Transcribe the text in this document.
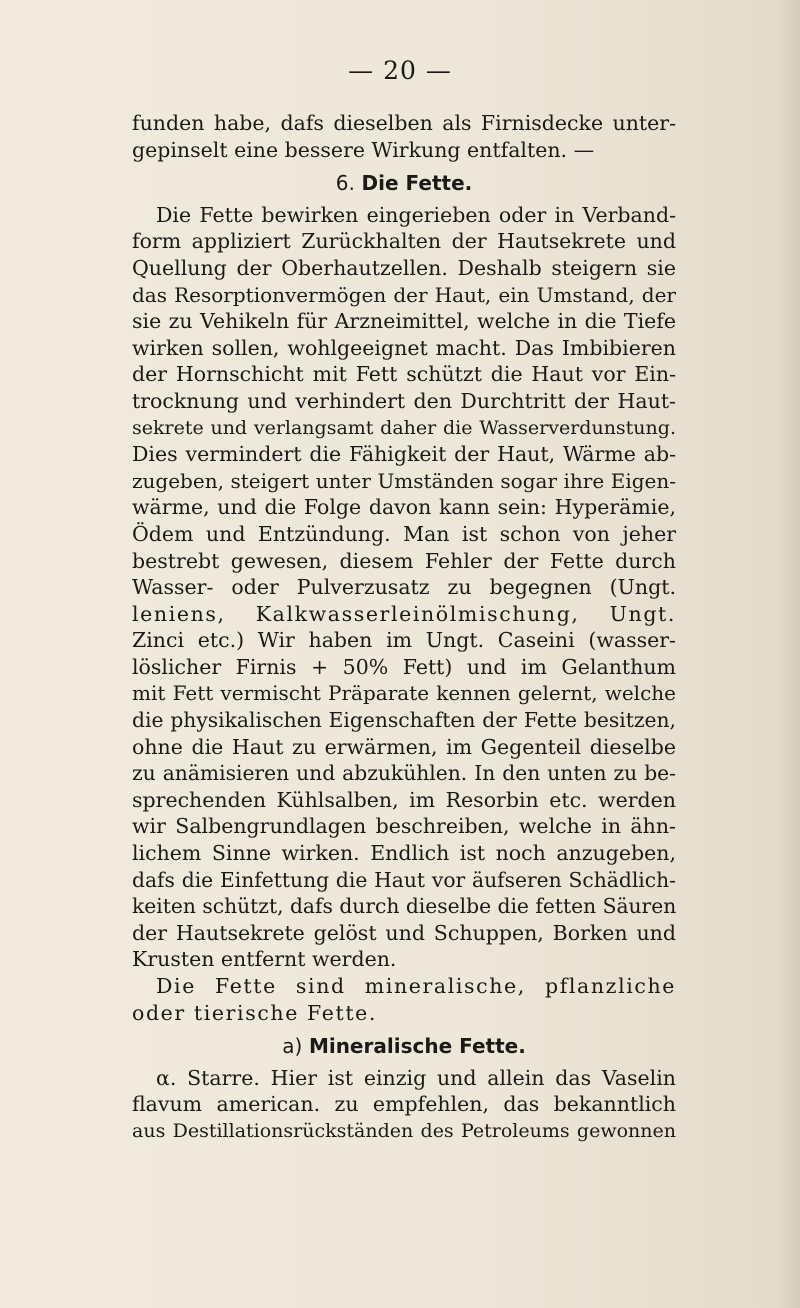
— 20 —
funden habe, dafs dieselben als Firnisdecke unter-
gepinselt eine bessere Wirkung entfalten. —
6. Die Fette.
Die Fette bewirken eingerieben oder in Verband-
form appliziert Zurückhalten der Hautsekrete und
Quellung der Oberhautzellen. Deshalb steigern sie
das Resorptionvermögen der Haut, ein Umstand, der
sie zu Vehikeln für Arzneimittel, welche in die Tiefe
wirken sollen, wohlgeeignet macht. Das Imbibieren
der Hornschicht mit Fett schützt die Haut vor Ein-
trocknung und verhindert den Durchtritt der Haut-
sekrete und verlangsamt daher die Wasserverdunstung.
Dies vermindert die Fähigkeit der Haut, Wärme ab-
zugeben, steigert unter Umständen sogar ihre Eigen-
wärme, und die Folge davon kann sein: Hyperämie,
Ödem und Entzündung. Man ist schon von jeher
bestrebt gewesen, diesem Fehler der Fette durch
Wasser- oder Pulverzusatz zu begegnen (Ungt.
leniens, Kalkwasserleinölmischung, Ungt.
Zinci etc.) Wir haben im Ungt. Caseini (wasser-
löslicher Firnis + 50% Fett) und im Gelanthum
mit Fett vermischt Präparate kennen gelernt, welche
die physikalischen Eigenschaften der Fette besitzen,
ohne die Haut zu erwärmen, im Gegenteil dieselbe
zu anämisieren und abzukühlen. In den unten zu be-
sprechenden Kühlsalben, im Resorbin etc. werden
wir Salbengrundlagen beschreiben, welche in ähn-
lichem Sinne wirken. Endlich ist noch anzugeben,
dafs die Einfettung die Haut vor äufseren Schädlich-
keiten schützt, dafs durch dieselbe die fetten Säuren
der Hautsekrete gelöst und Schuppen, Borken und
Krusten entfernt werden.
Die Fette sind mineralische, pflanzliche
oder tierische Fette.
a) Mineralische Fette.
α. Starre. Hier ist einzig und allein das Vaselin
flavum american. zu empfehlen, das bekanntlich
aus Destillationsrückständen des Petroleums gewonnen
